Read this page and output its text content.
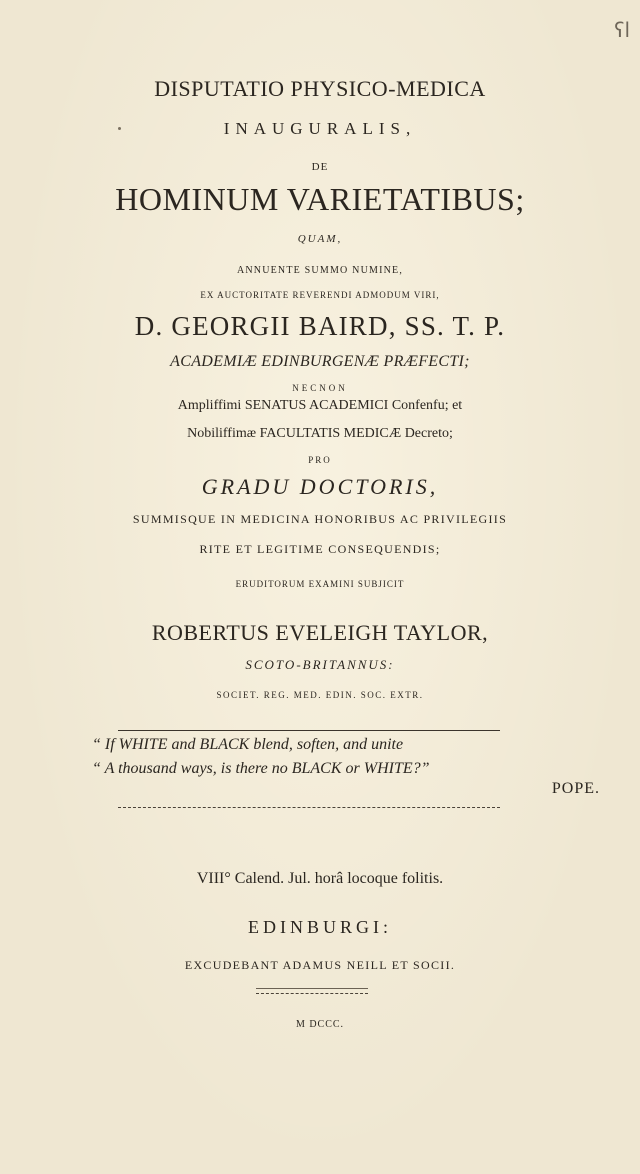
ʕl
DISPUTATIO PHYSICO-MEDICA
INAUGURALIS,
DE
HOMINUM VARIETATIBUS;
QUAM,
ANNUENTE SUMMO NUMINE,
EX AUCTORITATE REVERENDI ADMODUM VIRI,
D. GEORGII BAIRD, SS. T. P.
ACADEMIÆ EDINBURGENÆ PRÆFECTI;
NECNON
Ampliffimi SENATUS ACADEMICI Confenfu; et
Nobiliffimæ FACULTATIS MEDICÆ Decreto;
PRO
GRADU DOCTORIS,
SUMMISQUE IN MEDICINA HONORIBUS AC PRIVILEGIIS
RITE ET LEGITIME CONSEQUENDIS;
ERUDITORUM EXAMINI SUBJICIT
ROBERTUS EVELEIGH TAYLOR,
SCOTO-BRITANNUS:
SOCIET. REG. MED. EDIN. SOC. EXTR.
“ If WHITE and BLACK blend, soften, and unite
“ A thousand ways, is there no BLACK or WHITE?”
POPE.
VIII° Calend. Jul. horâ locoque folitis.
EDINBURGI:
EXCUDEBANT ADAMUS NEILL ET SOCII.
M DCCC.
